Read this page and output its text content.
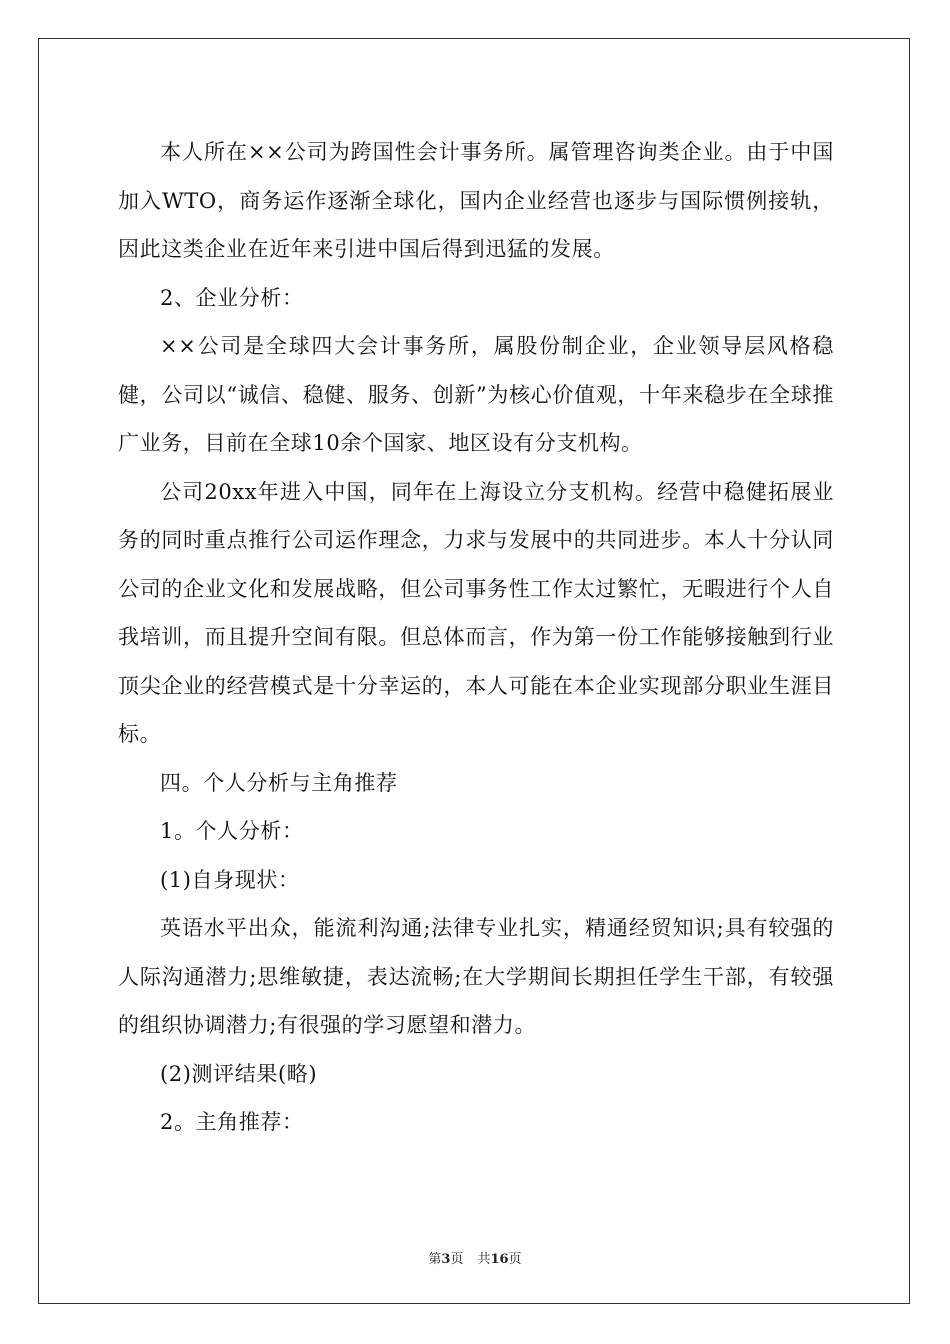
本人所在××公司为跨国性会计事务所。属管理咨询类企业。由于中国加入WTO，商务运作逐渐全球化，国内企业经营也逐步与国际惯例接轨，因此这类企业在近年来引进中国后得到迅猛的发展。

2、企业分析：

××公司是全球四大会计事务所，属股份制企业，企业领导层风格稳健，公司以“诚信、稳健、服务、创新”为核心价值观，十年来稳步在全球推广业务，目前在全球10余个国家、地区设有分支机构。

公司20xx年进入中国，同年在上海设立分支机构。经营中稳健拓展业务的同时重点推行公司运作理念，力求与发展中的共同进步。本人十分认同公司的企业文化和发展战略，但公司事务性工作太过繁忙，无暇进行个人自我培训，而且提升空间有限。但总体而言，作为第一份工作能够接触到行业顶尖企业的经营模式是十分幸运的，本人可能在本企业实现部分职业生涯目标。

四。个人分析与主角推荐

1。个人分析：

(1)自身现状：

英语水平出众，能流利沟通;法律专业扎实，精通经贸知识;具有较强的人际沟通潜力;思维敏捷，表达流畅;在大学期间长期担任学生干部，有较强的组织协调潜力;有很强的学习愿望和潜力。

(2)测评结果(略)

2。主角推荐：

第3页 共16页
